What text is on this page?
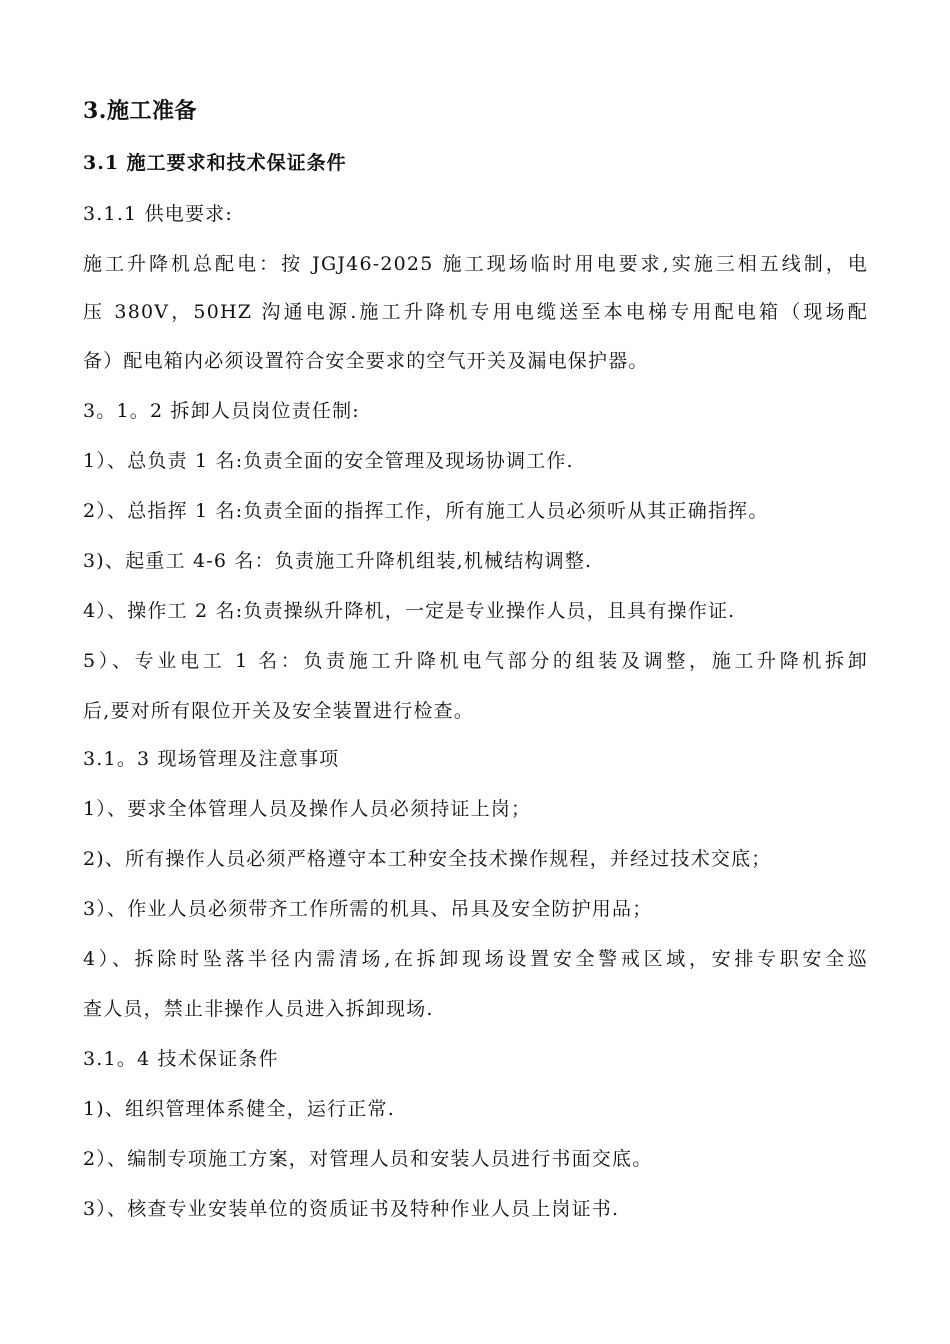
3.施工准备
3.1 施工要求和技术保证条件
3.1.1 供电要求:
施工升降机总配电：按 JGJ46-2025 施工现场临时用电要求,实施三相五线制，电
压 380V，50HZ 沟通电源.施工升降机专用电缆送至本电梯专用配电箱（现场配
备）配电箱内必须设置符合安全要求的空气开关及漏电保护器。
3。1。2 拆卸人员岗位责任制:
1）、总负责 1 名:负责全面的安全管理及现场协调工作.
2）、总指挥 1 名:负责全面的指挥工作，所有施工人员必须听从其正确指挥。
3)、起重工 4-6 名：负责施工升降机组装,机械结构调整.
4）、操作工 2 名:负责操纵升降机，一定是专业操作人员，且具有操作证.
5）、专业电工 1 名：负责施工升降机电气部分的组装及调整，施工升降机拆卸
后,要对所有限位开关及安全装置进行检查。
3.1。3 现场管理及注意事项
1）、要求全体管理人员及操作人员必须持证上岗；
2)、所有操作人员必须严格遵守本工种安全技术操作规程，并经过技术交底；
3）、作业人员必须带齐工作所需的机具、吊具及安全防护用品；
4）、拆除时坠落半径内需清场,在拆卸现场设置安全警戒区域，安排专职安全巡
查人员，禁止非操作人员进入拆卸现场.
3.1。4 技术保证条件
1)、组织管理体系健全，运行正常.
2）、编制专项施工方案，对管理人员和安装人员进行书面交底。
3）、核查专业安装单位的资质证书及特种作业人员上岗证书.
